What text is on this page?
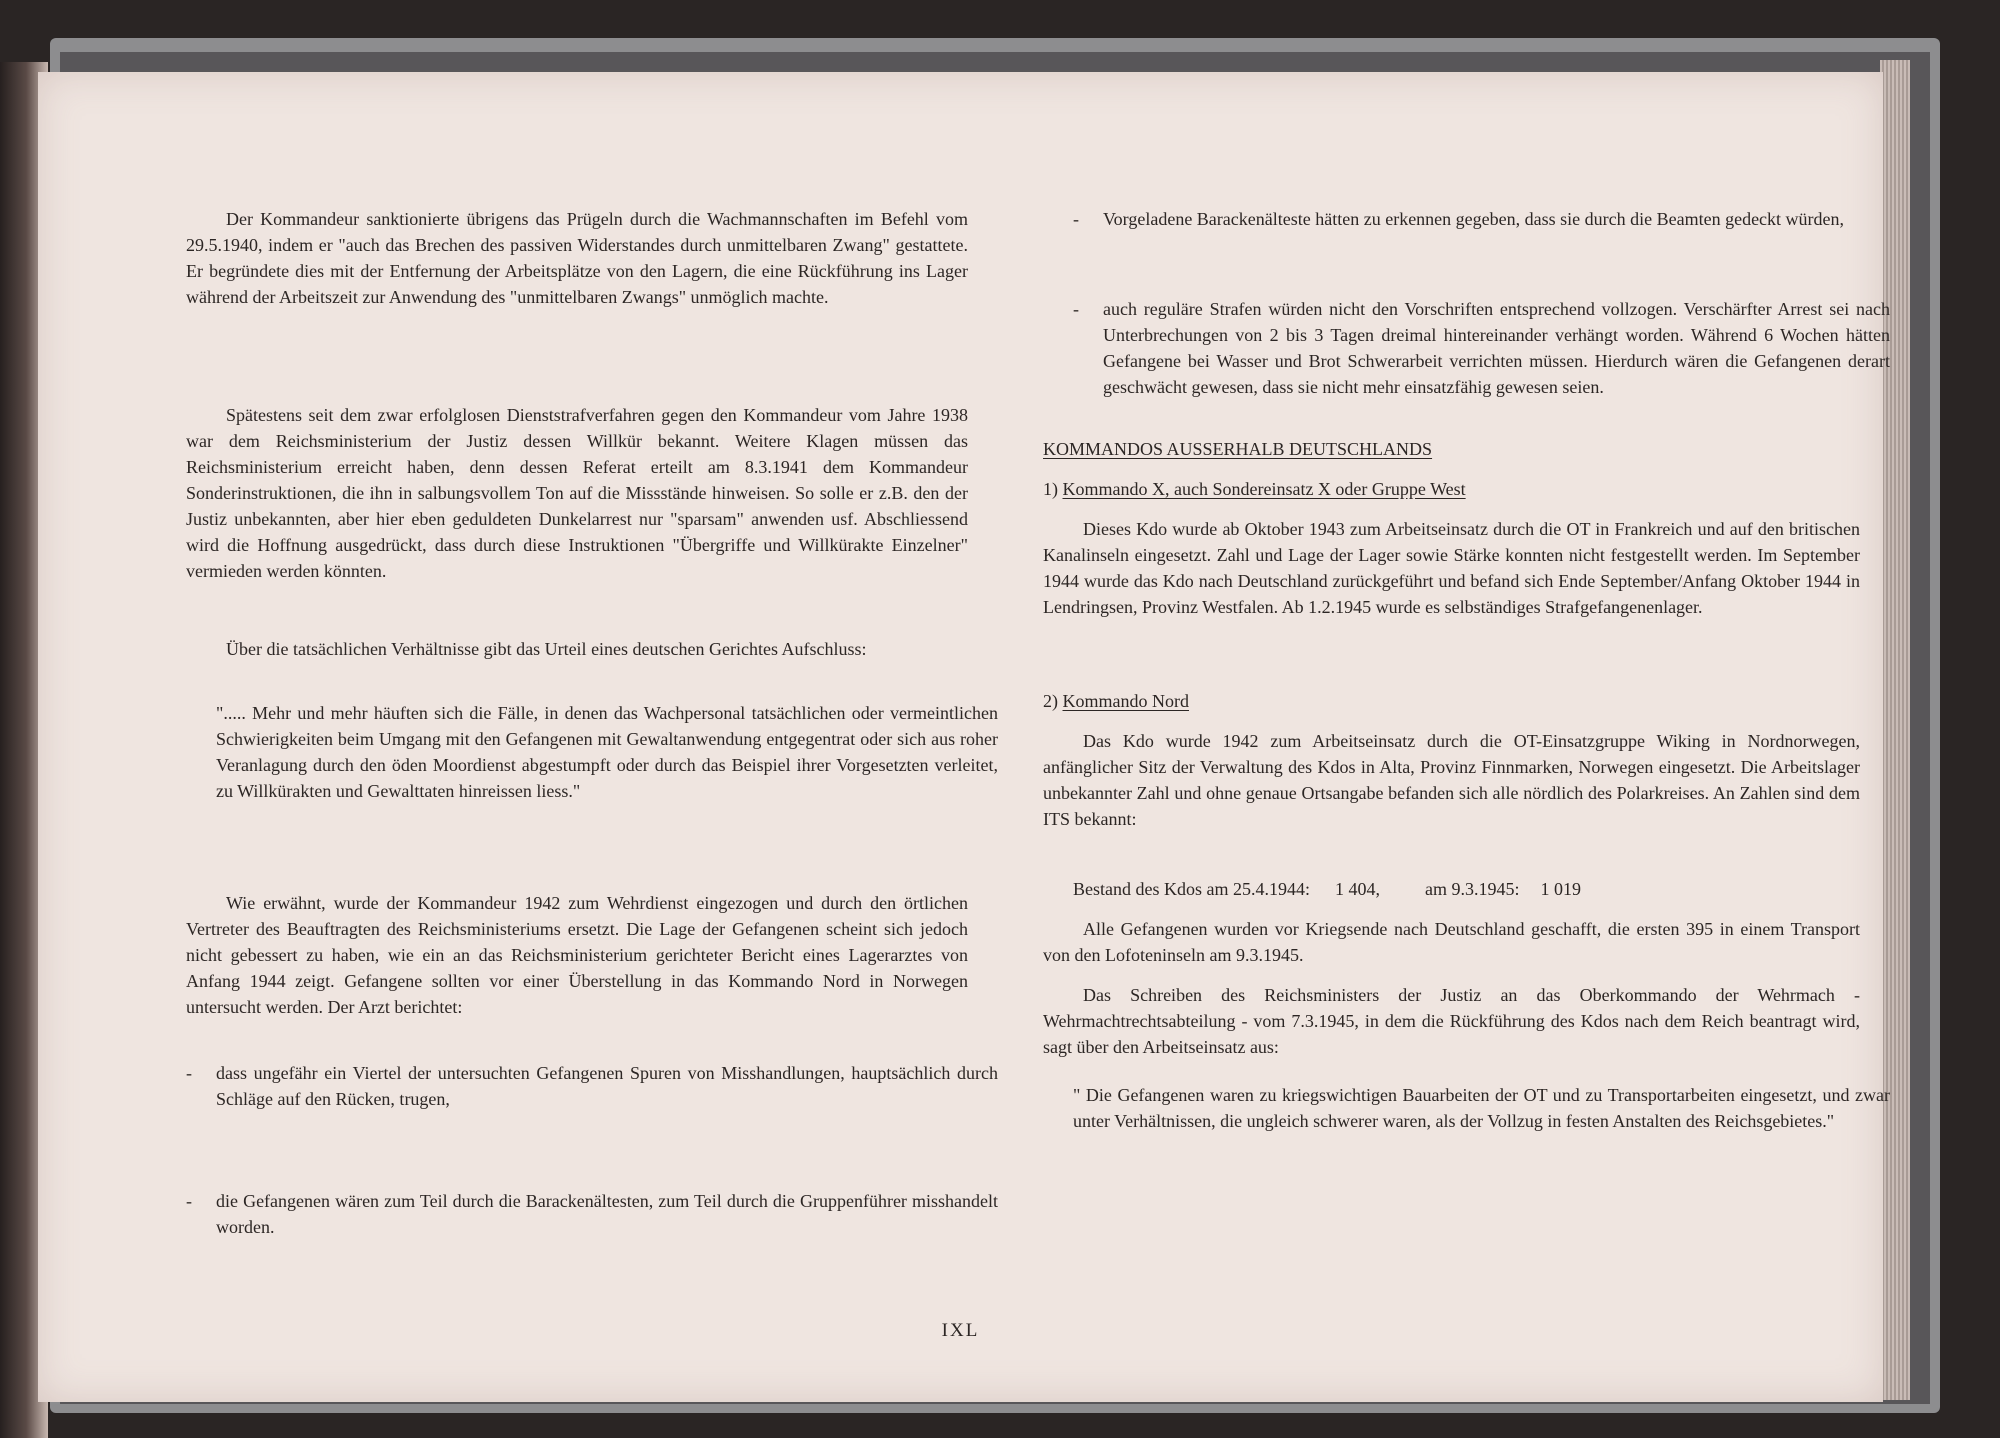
Der Kommandeur sanktionierte übrigens das Prügeln durch die Wachmannschaften im Befehl vom 29.5.1940, indem er "auch das Brechen des passiven Widerstandes durch unmittelbaren Zwang" gestattete. Er begründete dies mit der Entfernung der Arbeitsplätze von den Lagern, die eine Rückführung ins Lager während der Arbeitszeit zur Anwendung des "unmittelbaren Zwangs" unmöglich machte.

Spätestens seit dem zwar erfolglosen Dienststrafverfahren gegen den Kommandeur vom Jahre 1938 war dem Reichsministerium der Justiz dessen Willkür bekannt. Weitere Klagen müssen das Reichsministerium erreicht haben, denn dessen Referat erteilt am 8.3.1941 dem Kommandeur Sonderinstruktionen, die ihn in salbungsvollem Ton auf die Missstände hinweisen. So solle er z.B. den der Justiz unbekannten, aber hier eben geduldeten Dunkelarrest nur "sparsam" anwenden usf. Abschliessend wird die Hoffnung ausgedrückt, dass durch diese Instruktionen "Übergriffe und Willkürakte Einzelner" vermieden werden könnten.

Über die tatsächlichen Verhältnisse gibt das Urteil eines deutschen Gerichtes Aufschluss:

"..... Mehr und mehr häuften sich die Fälle, in denen das Wachpersonal tatsächlichen oder vermeintlichen Schwierigkeiten beim Umgang mit den Gefangenen mit Gewaltanwendung entgegentrat oder sich aus roher Veranlagung durch den öden Moordienst abgestumpft oder durch das Beispiel ihrer Vorgesetzten verleitet, zu Willkürakten und Gewalttaten hinreissen liess."

Wie erwähnt, wurde der Kommandeur 1942 zum Wehrdienst eingezogen und durch den örtlichen Vertreter des Beauftragten des Reichsministeriums ersetzt. Die Lage der Gefangenen scheint sich jedoch nicht gebessert zu haben, wie ein an das Reichsministerium gerichteter Bericht eines Lagerarztes von Anfang 1944 zeigt. Gefangene sollten vor einer Überstellung in das Kommando Nord in Norwegen untersucht werden. Der Arzt berichtet:

- dass ungefähr ein Viertel der untersuchten Gefangenen Spuren von Misshandlungen, hauptsächlich durch Schläge auf den Rücken, trugen,

- die Gefangenen wären zum Teil durch die Barackenältesten, zum Teil durch die Gruppenführer misshandelt worden.

- Vorgeladene Barackenälteste hätten zu erkennen gegeben, dass sie durch die Beamten gedeckt würden,

- auch reguläre Strafen würden nicht den Vorschriften entsprechend vollzogen. Verschärfter Arrest sei nach Unterbrechungen von 2 bis 3 Tagen dreimal hintereinander verhängt worden. Während 6 Wochen hätten Gefangene bei Wasser und Brot Schwerarbeit verrichten müssen. Hierdurch wären die Gefangenen derart geschwächt gewesen, dass sie nicht mehr einsatzfähig gewesen seien.

KOMMANDOS AUSSERHALB DEUTSCHLANDS
1) Kommando X, auch Sondereinsatz X oder Gruppe West

Dieses Kdo wurde ab Oktober 1943 zum Arbeitseinsatz durch die OT in Frankreich und auf den britischen Kanalinseln eingesetzt. Zahl und Lage der Lager sowie Stärke konnten nicht festgestellt werden. Im September 1944 wurde das Kdo nach Deutschland zurückgeführt und befand sich Ende September/Anfang Oktober 1944 in Lendringsen, Provinz Westfalen. Ab 1.2.1945 wurde es selbständiges Strafgefangenenlager.

2) Kommando Nord

Das Kdo wurde 1942 zum Arbeitseinsatz durch die OT-Einsatzgruppe Wiking in Nordnorwegen, anfänglicher Sitz der Verwaltung des Kdos in Alta, Provinz Finnmarken, Norwegen eingesetzt. Die Arbeitslager unbekannter Zahl und ohne genaue Ortsangabe befanden sich alle nördlich des Polarkreises. An Zahlen sind dem ITS bekannt:

Bestand des Kdos am 25.4.1944: 1 404,	am 9.3.1945: 1 019

Alle Gefangenen wurden vor Kriegsende nach Deutschland geschafft, die ersten 395 in einem Transport von den Lofoteninseln am 9.3.1945.

Das Schreiben des Reichsministers der Justiz an das Oberkommando der Wehrmach - Wehrmachtrechtsabteilung - vom 7.3.1945, in dem die Rückführung des Kdos nach dem Reich beantragt wird, sagt über den Arbeitseinsatz aus:

" Die Gefangenen waren zu kriegswichtigen Bauarbeiten der OT und zu Transportarbeiten eingesetzt, und zwar unter Verhältnissen, die ungleich schwerer waren, als der Vollzug in festen Anstalten des Reichsgebietes."

IXL
